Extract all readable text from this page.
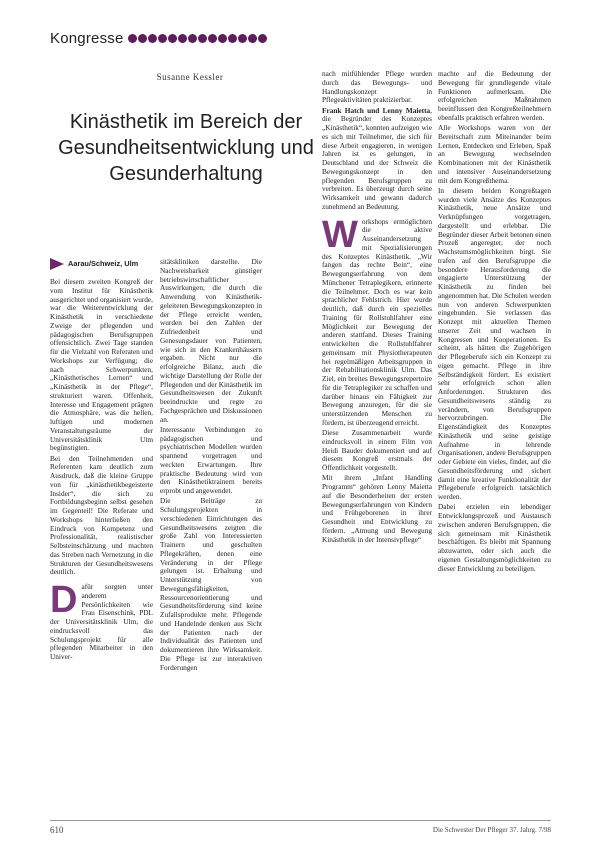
Kongresse
Susanne Kessler
Kinästhetik im Bereich der
Gesundheitsentwicklung und
Gesunderhaltung
Aarau/Schweiz, Ulm

Bei diesem zweiten Kongreß der vom Institut für Kinästhetik ausgerichtet und organisiert wurde, war die Weiterentwicklung der Kinästhetik in verschiedene Zweige der pflegenden und pädagogischen Berufsgruppen offensichtlich. Zwei Tage standen für die Vielzahl von Referaten und Workshops zur Verfügung; die nach Schwerpunkten, „Kinästhetisches Lernen“ und „Kinästhetik in der Pflege“, strukturiert waren. Offenheit, Interesse und Engagement prägten die Atmosphäre, was die hellen, luftigen und modernen Veranstaltungsräume der Universitätsklinik Ulm begünstigten.

Bei den Teilnehmenden und Referenten kam deutlich zum Ausdruck, daß die kleine Gruppe von für „kinästhetikbegeisterte Insider“, die sich zu Fortbildungsbeginn selbst gesehen im Gegenteil! Die Referate und Workshops hinterließen den Eindruck von Kompetenz und Professionalität, realistischer Selbsteinschätzung und machten das Streben nach Vernetzung in die Strukturen der Gesundheitswesens deutlich.

Dafür sorgten unter anderem Persönlichkeiten wie Frau Eisenschink, PDL der Universitätsklinik Ulm, die eindrucksvoll das Schulungsprojekt für alle pflegenden Mitarbeiter in den Univer-

sitätskliniken darstellte. Die Nachweisbarkeit günstiger betriebswirtschaftlicher Auswirkungen, die durch die Anwendung von Kinästhetik-geleiteten Bewegungskonzepten in der Pflege erreicht werden, wurden bei den Zahlen der Zufriedenheit und Genesungsdauer von Patienten, wie sich in den Krankenhäusern ergaben. Nicht nur die erfolgreiche Bilanz, auch die wichtige Darstellung der Rolle der Pflegenden und der Kinästhetik im Gesundheitswesen der Zukunft beeindruckte und regte zu Fachgesprächen und Diskussionen an.

Interessante Verbindungen zu pädagogischen und psychiatrischen Modellen wurden spannend vorgetragen und weckten Erwartungen. Ihre praktische Bedeutung wird von den Kinästhetiktrainern bereits erprobt und angewendet.

Die Beiträge zu Schulungsprojekten in verschiedenen Einrichtungen des Gesundheitswesens zeigten die große Zahl von Interessierten Trainern und geschulten Pflegekräften, denen eine Veränderung in der Pflege gelungen ist. Erhaltung und Unterstützung von Bewegungsfähigkeiten, Ressourcenorientierung und Gesundheitsförderung sind keine Zufallsprodukte mehr. Pflegende und Handelnde denken aus Sicht der Patienten nach der Individualität des Patienten und dokumentieren ihre Wirksamkeit. Die Pflege ist zur interaktiven Forderungen

nach mitfühlender Pflege wurden durch das Bewegungs- und Handlungskonzept in Pflegeaktivitäten praktizierbar.

Frank Hatch und Lenny Maietta, die Begründer des Konzeptes „Kinästhetik“, konnten aufzeigen wie es sich mit Teilnehmer, die sich für diese Arbeit engagieren, in wenigen Jahren ist es gelungen, in Deutschland und der Schweiz die Bewegungskonzept in den pflegenden Berufsgruppen zu verbreiten. Es überzeugt durch seine Wirksamkeit und gewann dadurch zunehmend an Bedeutung.

Workshops ermöglichten die aktive Auseinandersetzung mit Spezialisierungen des Konzeptes Kinästhetik. „Wir fangen das rechte Bein“, eine Bewegungserfahrung von dem Münchener Tetraplegikern, erinnerte die Teilnehmer. Doch es war kein sprachlicher Fehlstrich. Hier wurde deutlich, daß durch ein spezielles Training für Rollstuhlfahrer eine Möglichkeit zur Bewegung der anderen stattfand. Dieses Training entwickelten die Rollstuhlfahrer gemeinsam mit Physiotherapeuten bei regelmäßigen Arbeitsgruppen in der Rehabilitationsklinik Ulm. Das Ziel, ein breites Bewegungsrepertoire für die Tetraplegiker zu schaffen und darüber hinaus ein Fähigkeit zur Bewegung anzuregen, für die sie unterstützenden Menschen zu fördern, ist überzeugend erreicht.

Diese Zusammenarbeit wurde eindrucksvoll in einem Film von Heidi Bauder dokumentiert und auf diesem Kongreß erstmals der Öffentlichkeit vorgestellt.

Mit ihrem „Infant Handling Programm“ gehören Lenny Maietta auf die Besonderheiten der ersten Bewegungserfahrungen von Kindern und Frühgeborenen in ihrer Gesundheit und Entwicklung zu fördern. „Atmung und Bewegung Kinästhetik in der Intensivpflege“

machte auf die Bedeutung der Bewegung für grundlegende vitale Funktionen aufmerksam. Die erfolgreichen Maßnahmen beeinflussen den Kongreßteilnehmern ebenfalls praktisch erfahren werden.

Alle Workshops waren von der Bereitschaft zum Miteinander beim Lernen, Entdecken und Erleben, Spaß an Bewegung wechselnden Kombinationen mit der Kinästhetik und intensiver Auseinandersetzung mit dem Kongreßthema.

In diesem beiden Kongreßtagen wurden viele Ansätze des Konzeptes Kinästhetik, neue Ansätze und Verknüpfungen vorgetragen, dargestellt und erlebbar. Die Begründer dieser Arbeit betonen einen Prozeß angeregter, der noch Wachstumsmöglichkeiten birgt. Sie trafen auf den Berufsgruppe die besondere Herausforderung die engagierte Unterstützung der Kinästhetik zu finden bei angenommen hat. Die Schulen werden nun von anderen Schwerpunkten eingebunden. Sie verlassen das Konzept mit aktuellen Themen unserer Zeit und wachsen in Kongressen und Kooperationen. Es scheint, als hätten die Zugehörigen der Pflegeberufe sich ein Konzept zu eigen gemacht. Pflege in ihre Selbständigkeit fördert. Es existiert sehr erfolgreich schon allen Anforderungen. Strukturen des Gesundheitswesens ständig zu verändern, von Berufsgruppen hervorzubringen. Die Eigenständigkeit des Konzeptes Kinästhetik und seine geistige Aufnahme in lehrende Organisationen, andere Berufsgruppen oder Gebiete ein vieles, findet, auf die Gesundheitsförderung und sichert damit eine kreative Funktionalität der Pflegeberufe erfolgreich tatsächlich werden.

Dabei erzielen ein lebendiger Entwicklungsprozeß und Austausch zwischen anderen Berufsgruppen, die sich gemeinsam mit Kinästhetik beschäftigen. Es bleibt mit Spannung abzuwarten, oder sich auch die eigenen Gestaltungsmöglichkeiten zu dieser Entwicklung zu beteiligen.

610	Die Schwester Der Pfleger 37. Jahrg. 7/98
